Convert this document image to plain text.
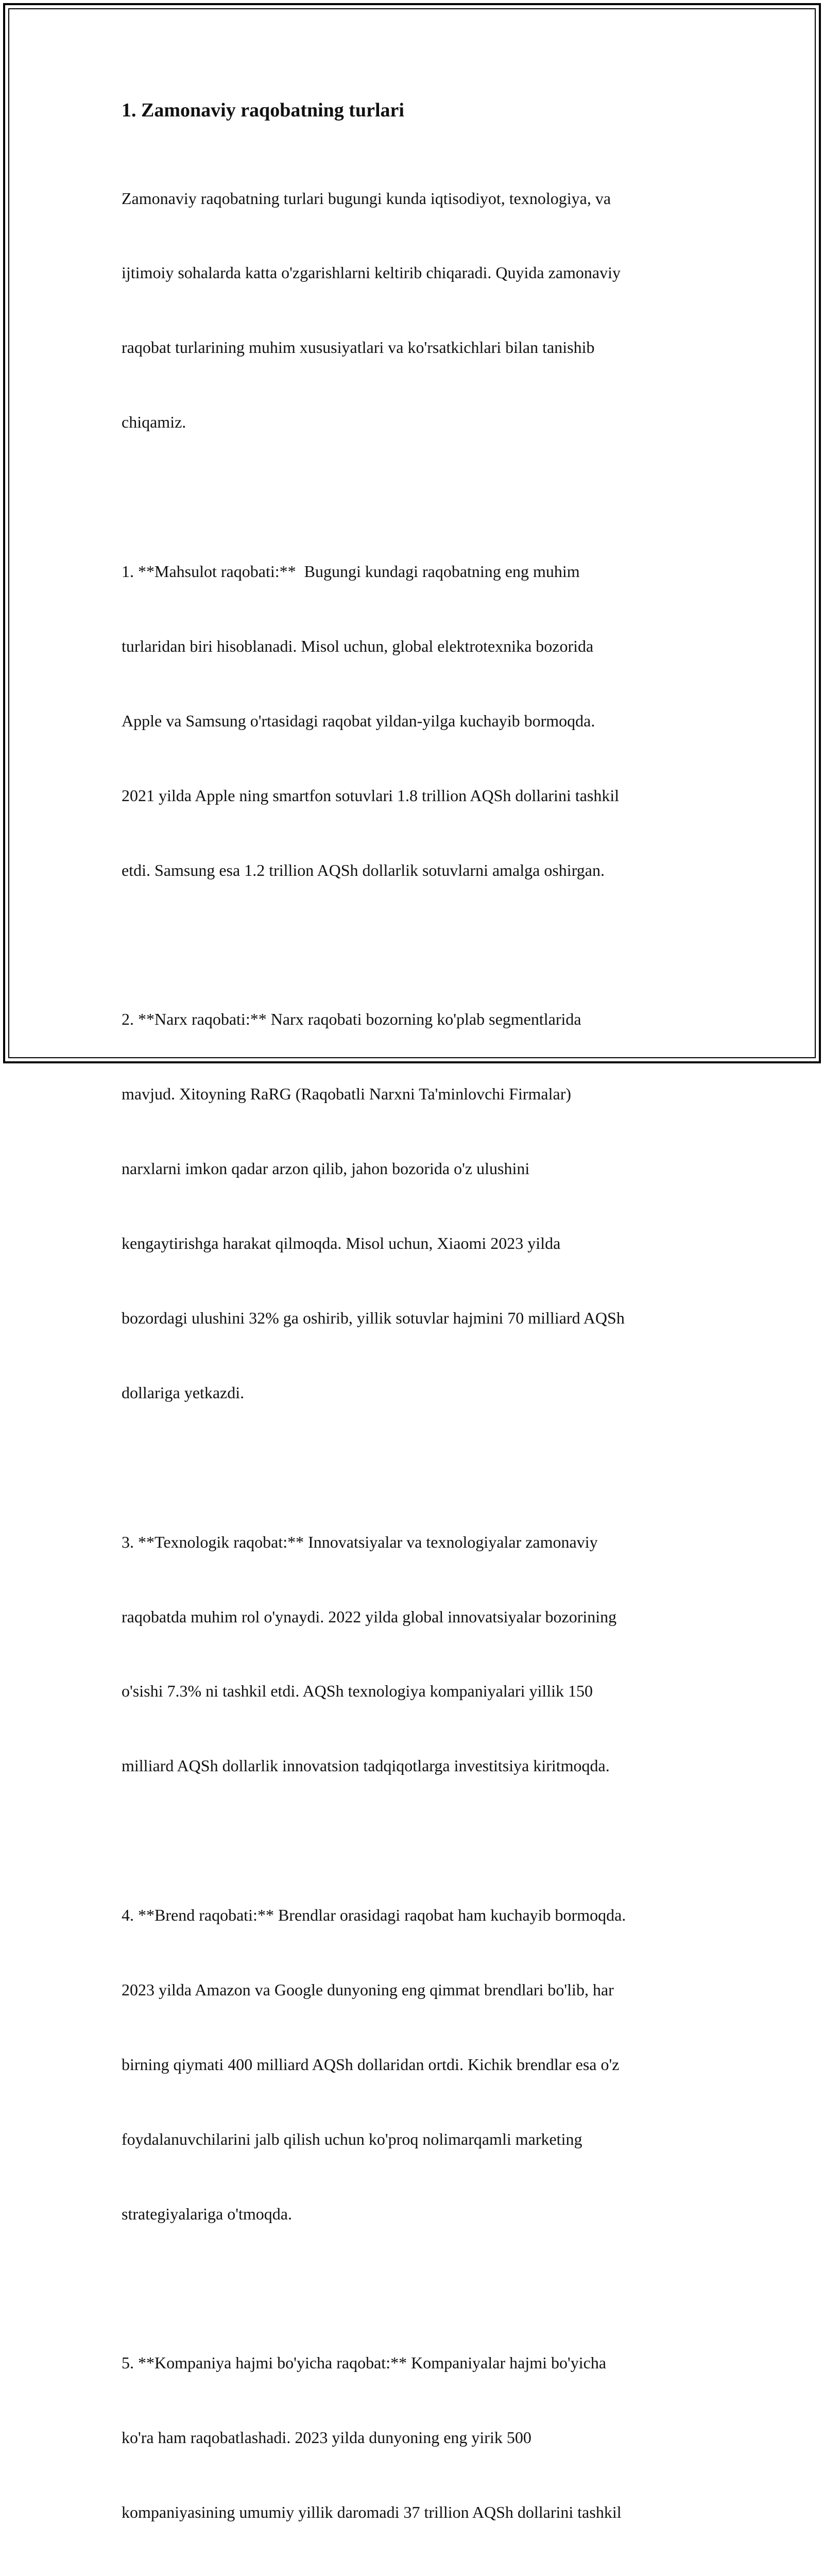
1. Zamonaviy raqobatning turlari

Zamonaviy raqobatning turlari bugungi kunda iqtisodiyot, texnologiya, va

ijtimoiy sohalarda katta o'zgarishlarni keltirib chiqaradi. Quyida zamonaviy

raqobat turlarining muhim xususiyatlari va ko'rsatkichlari bilan tanishib

chiqamiz.

1. **Mahsulot raqobati:**  Bugungi kundagi raqobatning eng muhim

turlaridan biri hisoblanadi. Misol uchun, global elektrotexnika bozorida

Apple va Samsung o'rtasidagi raqobat yildan-yilga kuchayib bormoqda.

2021 yilda Apple ning smartfon sotuvlari 1.8 trillion AQSh dollarini tashkil

etdi. Samsung esa 1.2 trillion AQSh dollarlik sotuvlarni amalga oshirgan.

2. **Narx raqobati:** Narx raqobati bozorning ko'plab segmentlarida

mavjud. Xitoyning RaRG (Raqobatli Narxni Ta'minlovchi Firmalar)

narxlarni imkon qadar arzon qilib, jahon bozorida o'z ulushini

kengaytirishga harakat qilmoqda. Misol uchun, Xiaomi 2023 yilda

bozordagi ulushini 32% ga oshirib, yillik sotuvlar hajmini 70 milliard AQSh

dollariga yetkazdi.

3. **Texnologik raqobat:** Innovatsiyalar va texnologiyalar zamonaviy

raqobatda muhim rol o'ynaydi. 2022 yilda global innovatsiyalar bozorining

o'sishi 7.3% ni tashkil etdi. AQSh texnologiya kompaniyalari yillik 150

milliard AQSh dollarlik innovatsion tadqiqotlarga investitsiya kiritmoqda.

4. **Brend raqobati:** Brendlar orasidagi raqobat ham kuchayib bormoqda.

2023 yilda Amazon va Google dunyoning eng qimmat brendlari bo'lib, har

birning qiymati 400 milliard AQSh dollaridan ortdi. Kichik brendlar esa o'z

foydalanuvchilarini jalb qilish uchun ko'proq nolimarqamli marketing

strategiyalariga o'tmoqda.

5. **Kompaniya hajmi bo'yicha raqobat:** Kompaniyalar hajmi bo'yicha

ko'ra ham raqobatlashadi. 2023 yilda dunyoning eng yirik 500

kompaniyasining umumiy yillik daromadi 37 trillion AQSh dollarini tashkil
